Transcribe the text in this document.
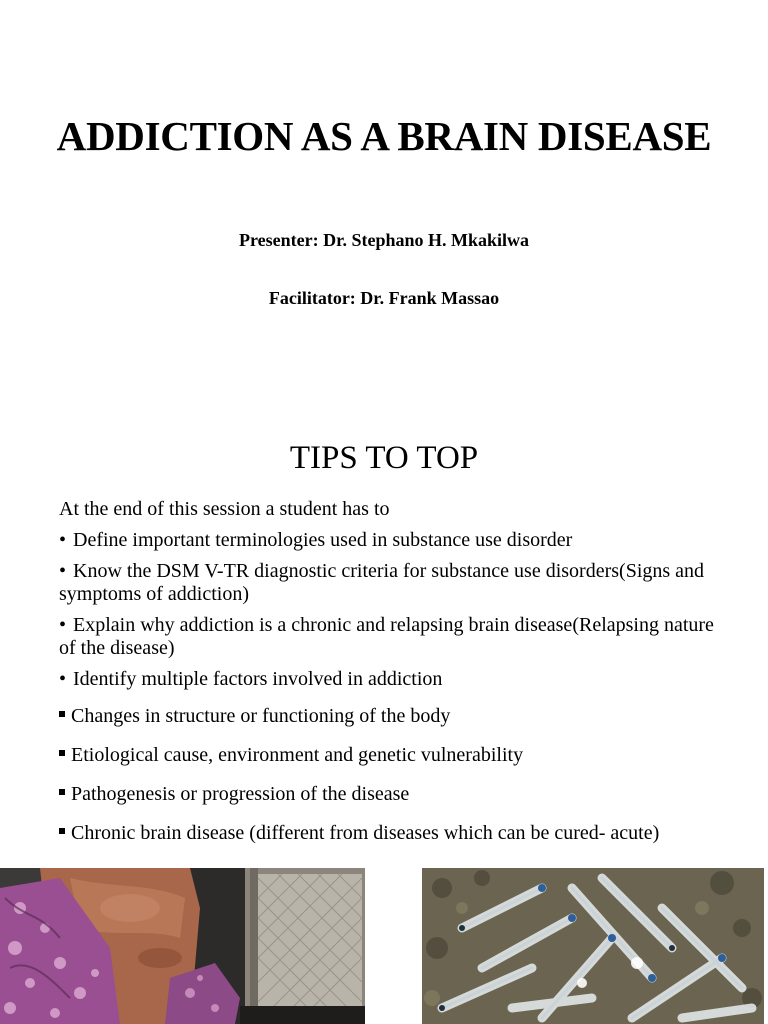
ADDICTION AS A BRAIN DISEASE
Presenter: Dr. Stephano H. Mkakilwa
Facilitator: Dr. Frank Massao
TIPS TO TOP
At the end of this session a student has to
• Define important terminologies used in substance use disorder
• Know the DSM V-TR diagnostic criteria for substance use disorders(Signs and symptoms of addiction)
• Explain why addiction is a chronic and relapsing brain disease(Relapsing nature of the disease)
• Identify multiple factors involved in addiction
Changes in structure or functioning of the body
Etiological cause, environment and genetic vulnerability
Pathogenesis or progression of the disease
Chronic brain disease (different from diseases which can be cured- acute)
